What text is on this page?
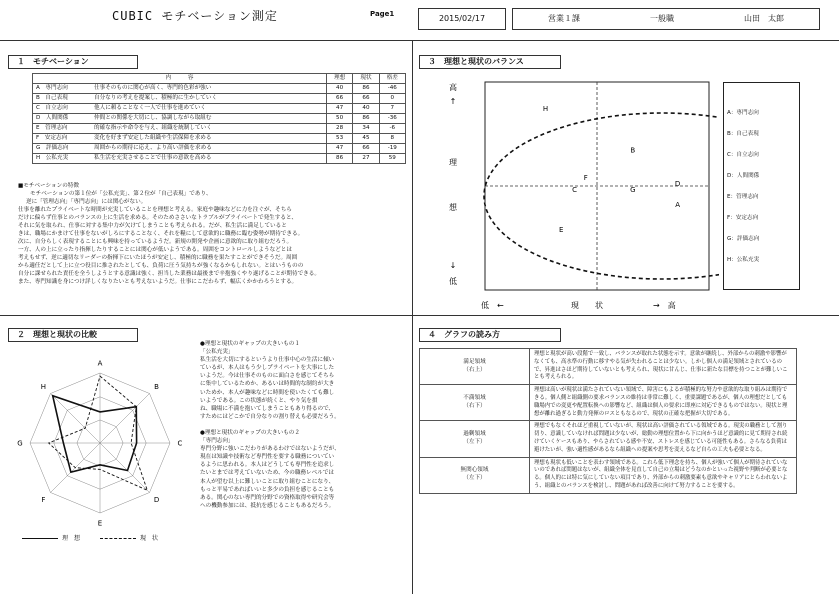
CUBIC モチベーション測定	Page1	2015/02/17	営業１課	一般職	山田　太郎
１　モチベーション
内　　　容	理想	現状	格差
A　専門志向 仕事そのものに関心が高く、専門的色彩が強い	40	86	-46
B　自己表現 自分なりの考えを提案し、積極的に生かしていく	66	66	0
C　自立志向 他人に頼ることなく一人で仕事を進めていく	47	40	7
D　人間関係 仲間との関係を大切にし、協調しながら取組む	50	86	-36
E　管理志向 的確な指示や命令を与え、組織を統制していく	28	34	-6
F　安定志向 変化を好まず安定した組織や生活保障を求める	53	45	8
G　評価志向 周囲からの期待に応え、より高い評価を求める	47	66	-19
H　公私充実 私生活を充実させることで仕事の意欲を高める	86	27	59

■モチベーションの特徴

モチベーションの第１位が「公私充実」、第２位が「自己表現」であり、

逆に「管理志向」「専門志向」には関心がない。

仕事を離れたプライベートな時間が充実していることを理想と考える。家庭や趣味などに力を注ぐが、そちら

だけに偏らず仕事とのバランスの上に生活を求める。そのためささいなトラブルがプライベートで発生すると、

それに気を取られ、仕事に対する集中力が欠けてしまうことも考えられる。だが、私生活に満足していると

きは、職場にかまけて仕事をないがしろにすることなく、それを糧にして意欲的に職務に臨む姿勢が期待できる。

次に、自分らしく表現することにも興味を持っているようだ。新規の開発や企画に意欲的に取り組むだろう。

一方、人の上に立ったり指揮したりすることには関心が低いようである。周囲をコントロールしようなどとは

考えもせず、逆に適切なリーダーの指揮下にいたほうが安定し、積極的に職務を果たすことができそうだ。周囲

から適任だとして上に立つ役目に推されたとしても、負荷に圧う気持ちが強くなるかもしれない。とはいうものの

自分に課せられた責任を全うしようとする意識は強く、担当した業務は最後まで辛抱強くやり遂げることが期待できる。

また、専門知識を身につけ詳しくなりたいとも考えないようだ。仕事にこだわらず、幅広くかかわろうとする。

２　理想と現状の比較
A
B
C
D
E
F
G
H
理　想	現　状
●理想と現状のギャップの大きいもの１
「公私充実」
私生活を大切にするというより仕事中心の生活に傾い
ているが、本人はもう少しプライベートを大事にした
いようだ。今は仕事そのものに面白さを感じてそちら
に集中しているためか、あるいは時間的な制約が大き
いためか、本人が趣味などに時間を使いたくても難し
いようである。この状態が続くと、やり気を損
ね、職場に不満を抱いてしまうこともあり得るので、
すためにはどこかで自分なりの割り替えも必要だろう。
●理想と現状のギャップの大きいもの２
「専門志向」
専門分野に強いこだわりがあるわけではないようだが、
現在は知識や技術など専門性を要する職務についてい
るように思われる。本人はどうしても専門性を追求し
たいとまでは考えていないため、今の職務レベルでは
本人が望む以上に難しいことに取り組むことになり、
もっと平易であればいいと多少の負担を感じることも
ある。関心のない専門的分野での資格取得や研究会等
への機動参加には、抵抗を感じることもあるだろう。
３　理想と現状のバランス
H
B
F
D
C	G
A
E
高
↑
理
想
↓
低
低　←	現　　状	→　高
A：専門志向
B：自己表現
C：自立志向
D：人間関係
E：管理志向
F：安定志向
G：評価志向
H：公私充実
４　グラフの読み方
満足領域
（右上）	理想と現状が高い段階で一致し、バランスが取れた状態を示す。意欲が継続し、外部からの刺激や影響がなくても、高水準の行動に移すやる気が失われることは少ない。しかし個人の満足領域とされているので、昇進はさほど期待していないとも考えられ、現状に甘んじ、仕事に新たな目標を持つことが難しいことも考えられる。

不満領域
（右下）	理想は高いが現状は満たされていない領域で、障害にもよるが積極的な努力や意欲的な取り組みは期待できる。個人側と組織側の要求バランスの維持は非常に難しく、重要課題であるが、個人の理想だとしても職場内での変更や配置転換への影響など、組織は個人の要求に即座に対応できるものではない。現状と理想が離れ過ぎると動力発揮のロスともなるので、現状の正確な把握が大切である。

過剰領域
（左下）	理想でもなくそれほど重視していないが、現状は高い評価されている領域である。現実の職務として割り切り、意識していなければ問題は少ないが、総動の理想位置から下に向かうほど意識的に見て期待され続けていくケースもあり、やらされている感や不安、ストレスを感じている可能性もある。さらなる負荷は避けたいが、強い適性感があるなら組織への提案や思考を変えるなど自らの工夫も必要となる。

無関心領域
（左下）	理想も現状も低いことを表わす領域である。これら低下理念を持ち、個人が強いて個人が期待されていないのであれば問題はないが、組織全体を見直して自己の立場はどうなのかといった視野や判断が必要となる。個人的には特に気にしていない項目であり、外部からの刺激要素も意欲やキャリアにとらわれないよう、組織とのバランスを検討し、問題があれば改善に向けて努力することを要する。
